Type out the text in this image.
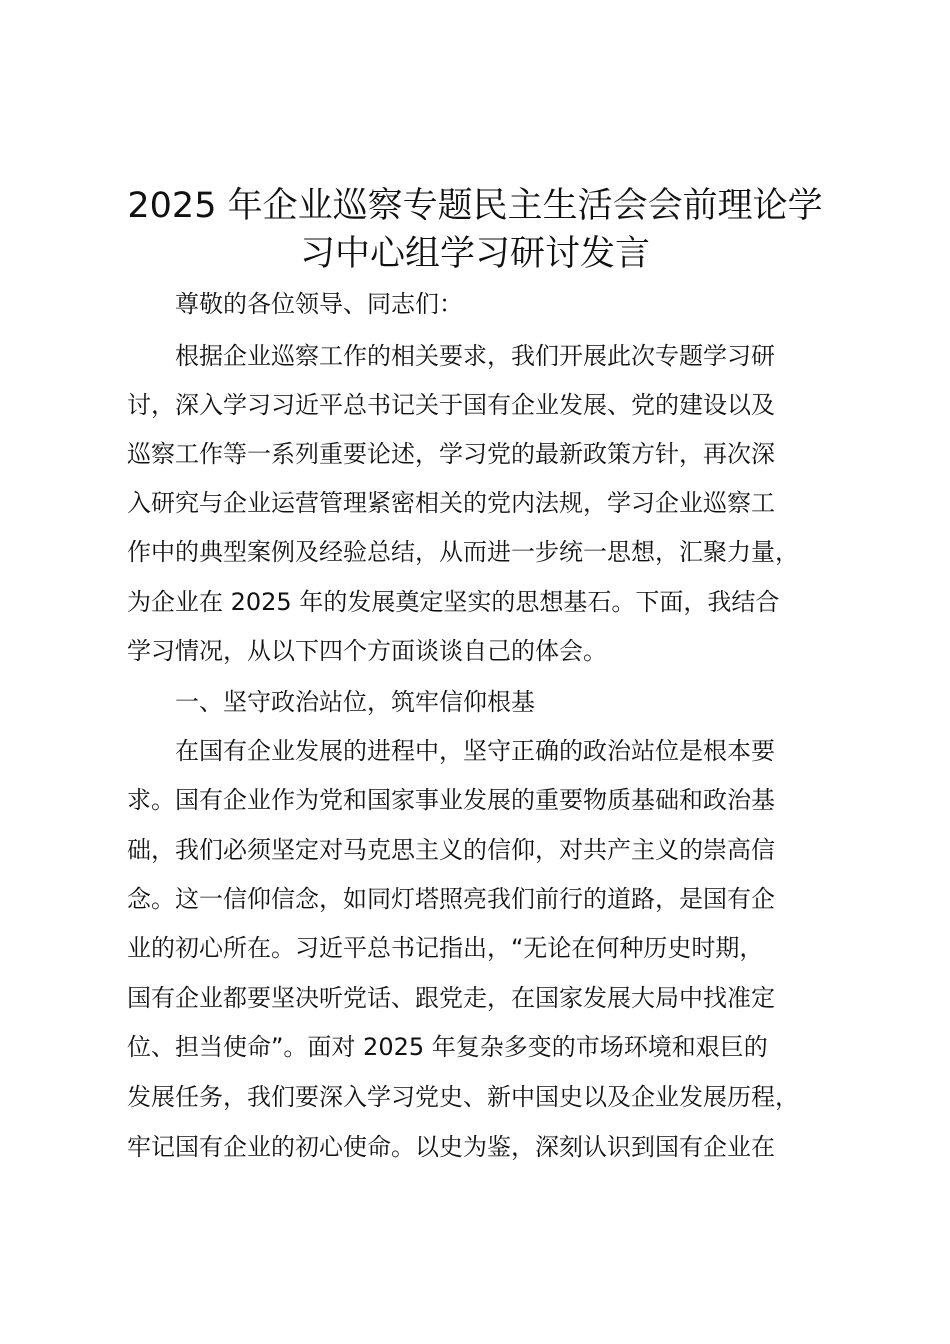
2025 年企业巡察专题民主生活会会前理论学
习中心组学习研讨发言

　　尊敬的各位领导、同志们：

　　根据企业巡察工作的相关要求，我们开展此次专题学习研

讨，深入学习习近平总书记关于国有企业发展、党的建设以及

巡察工作等一系列重要论述，学习党的最新政策方针，再次深

入研究与企业运营管理紧密相关的党内法规，学习企业巡察工

作中的典型案例及经验总结，从而进一步统一思想，汇聚力量，

为企业在 2025 年的发展奠定坚实的思想基石。下面，我结合

学习情况，从以下四个方面谈谈自己的体会。

　　一、坚守政治站位，筑牢信仰根基

　　在国有企业发展的进程中，坚守正确的政治站位是根本要

求。国有企业作为党和国家事业发展的重要物质基础和政治基

础，我们必须坚定对马克思主义的信仰，对共产主义的崇高信

念。这一信仰信念，如同灯塔照亮我们前行的道路，是国有企

业的初心所在。习近平总书记指出，“无论在何种历史时期，

国有企业都要坚决听党话、跟党走，在国家发展大局中找准定

位、担当使命”。面对 2025 年复杂多变的市场环境和艰巨的

发展任务，我们要深入学习党史、新中国史以及企业发展历程，

牢记国有企业的初心使命。以史为鉴，深刻认识到国有企业在
